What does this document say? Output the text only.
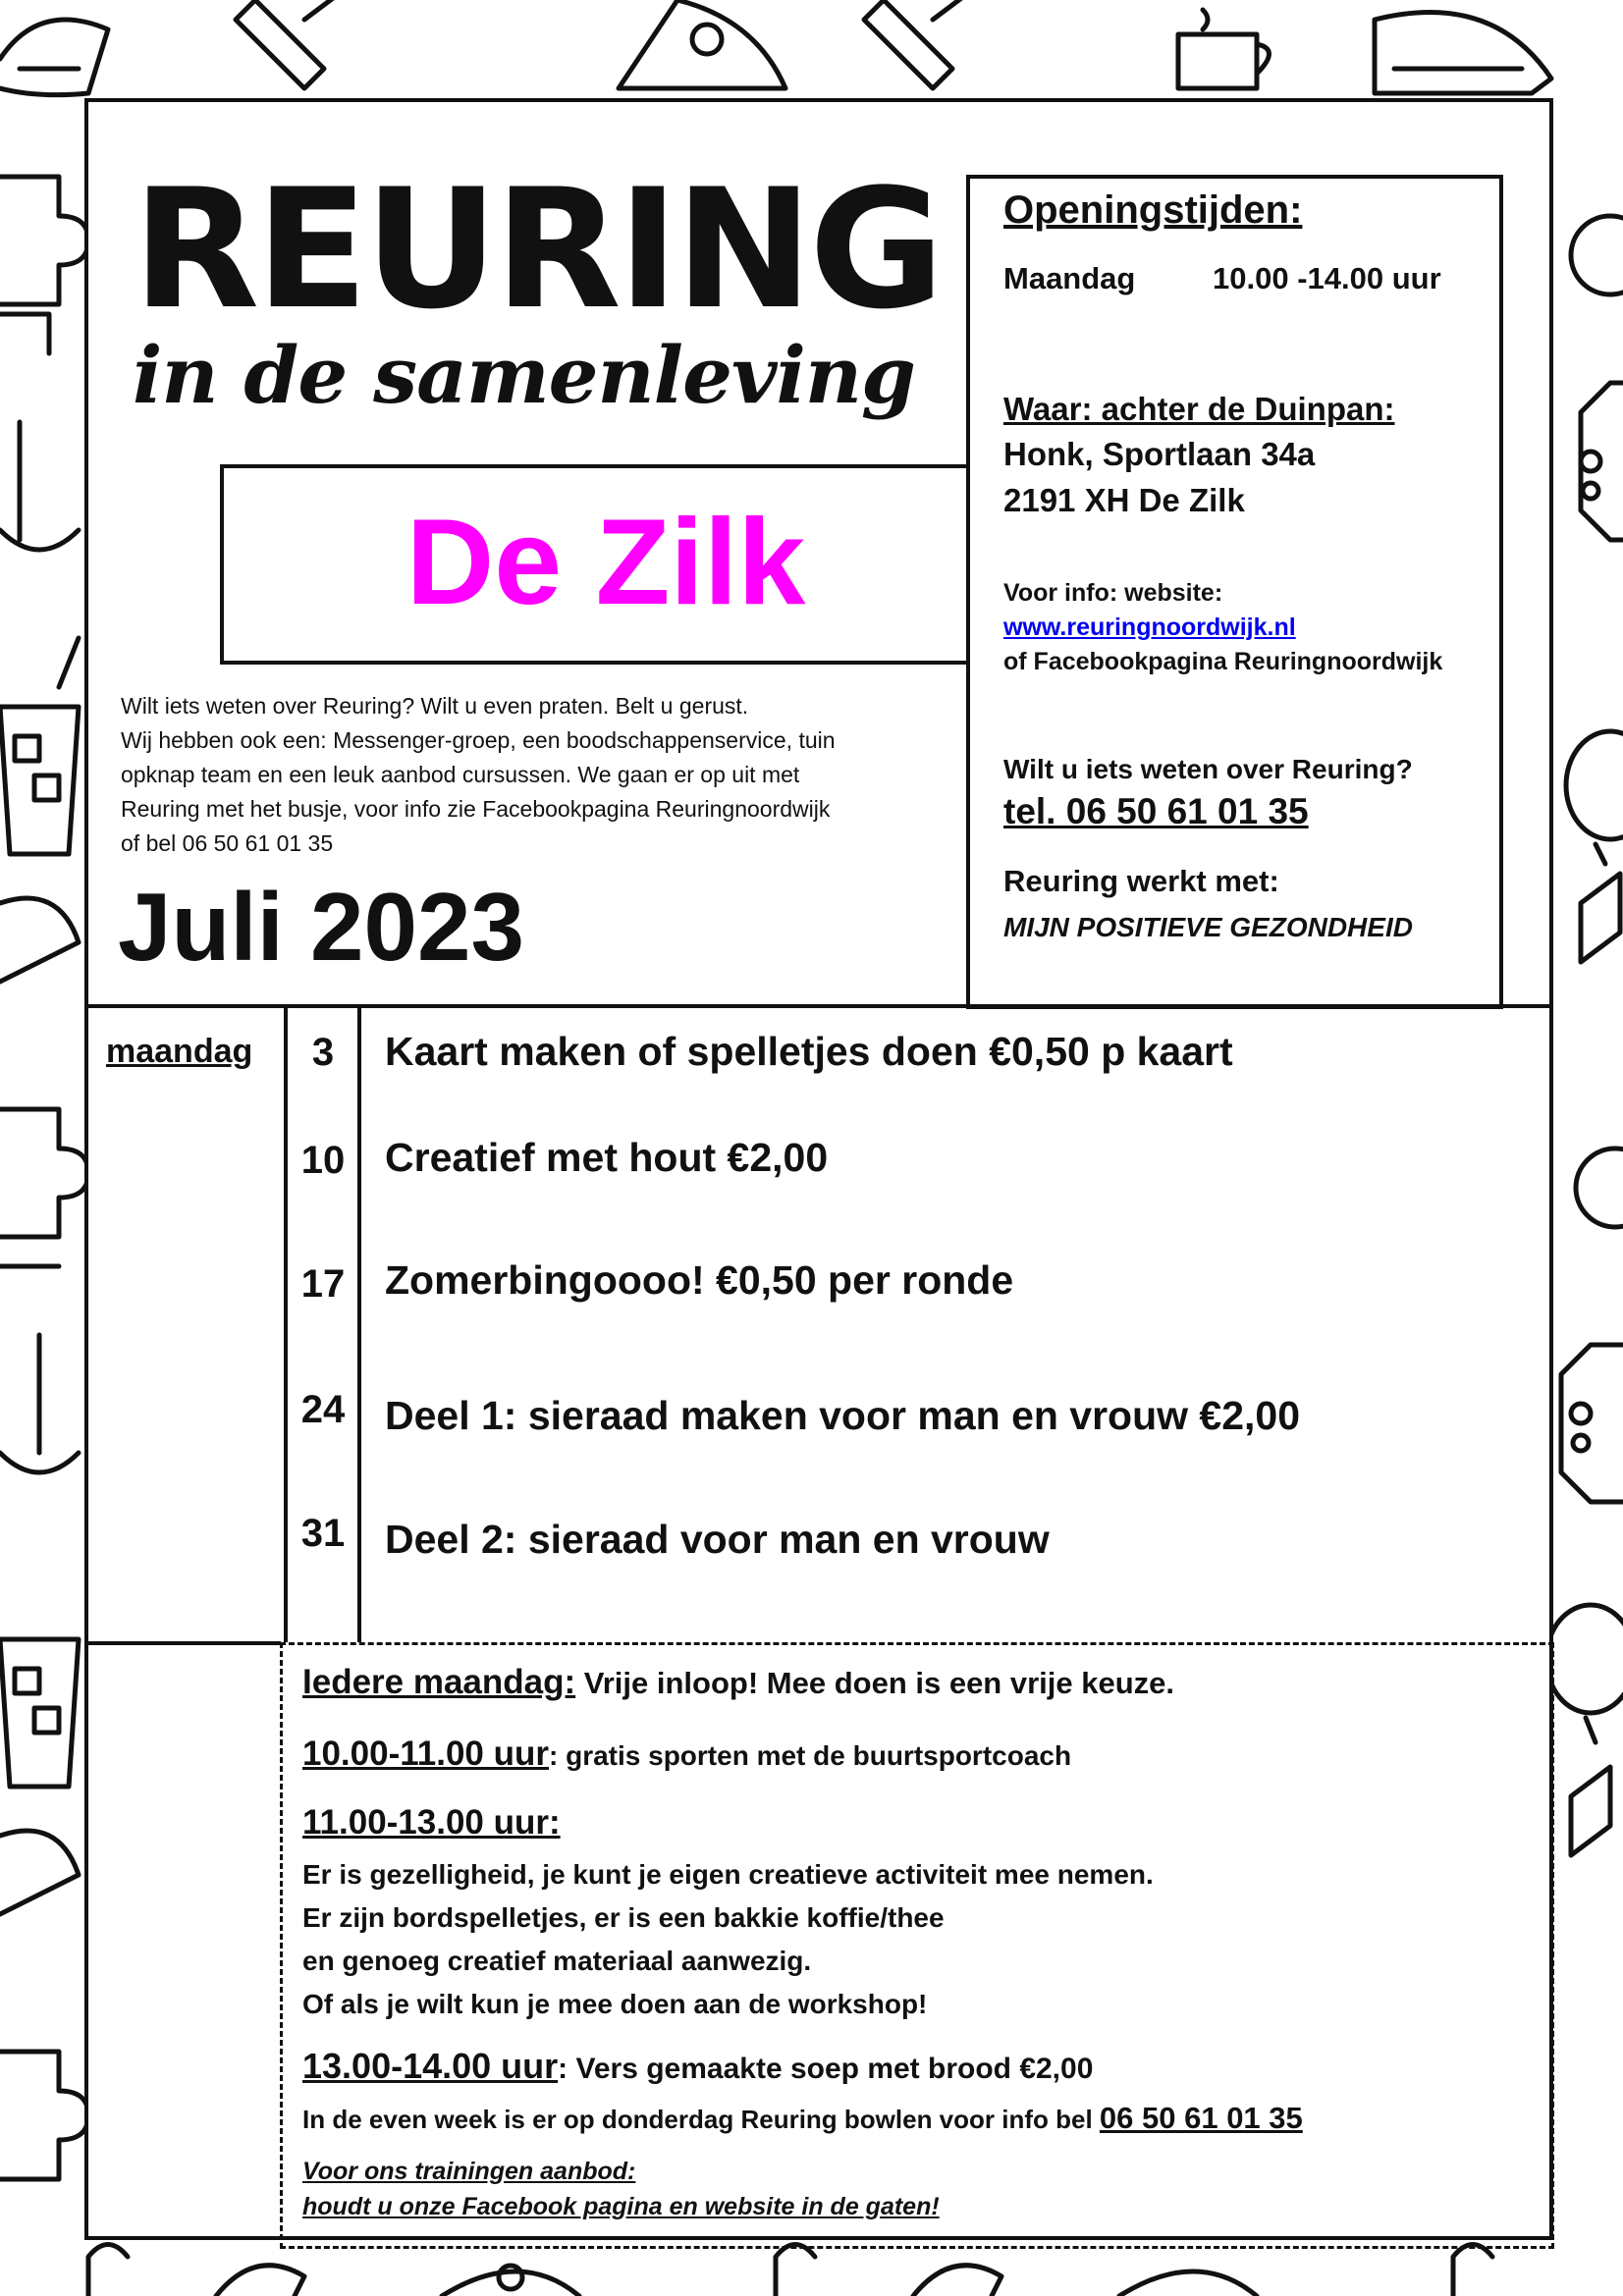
REURING
in de samenleving
De Zilk
Wilt iets weten over Reuring? Wilt u even praten. Belt u gerust.
Wij hebben ook een: Messenger-groep, een boodschappenservice, tuin
opknap team en een leuk aanbod cursussen. We gaan er op uit met
Reuring met het busje, voor info zie Facebookpagina Reuringnoordwijk
of bel 06 50 61 01 35
Juli 2023
Openingstijden:
Maandag	10.00 -14.00 uur
Waar: achter de Duinpan:
Honk, Sportlaan 34a
2191 XH De Zilk
Voor info: website:
www.reuringnoordwijk.nl
of Facebookpagina Reuringnoordwijk
Wilt u iets weten over Reuring?
tel. 06 50 61 01 35
Reuring werkt met:
MIJN POSITIEVE GEZONDHEID
maandag	3	Kaart maken of spelletjes doen €0,50 p kaart
10 Creatief met hout €2,00
17 Zomerbingoooo! €0,50 per ronde
24 Deel 1: sieraad maken voor man en vrouw €2,00
31 Deel 2: sieraad voor man en vrouw
Iedere maandag: Vrije inloop! Mee doen is een vrije keuze.
10.00-11.00 uur: gratis sporten met de buurtsportcoach
11.00-13.00 uur:
Er is gezelligheid, je kunt je eigen creatieve activiteit mee nemen.
Er zijn bordspelletjes, er is een bakkie koffie/thee
en genoeg creatief materiaal aanwezig.
Of als je wilt kun je mee doen aan de workshop!
13.00-14.00 uur: Vers gemaakte soep met brood €2,00
In de even week is er op donderdag Reuring bowlen voor info bel 06 50 61 01 35
Voor ons trainingen aanbod:
houdt u onze Facebook pagina en website in de gaten!
